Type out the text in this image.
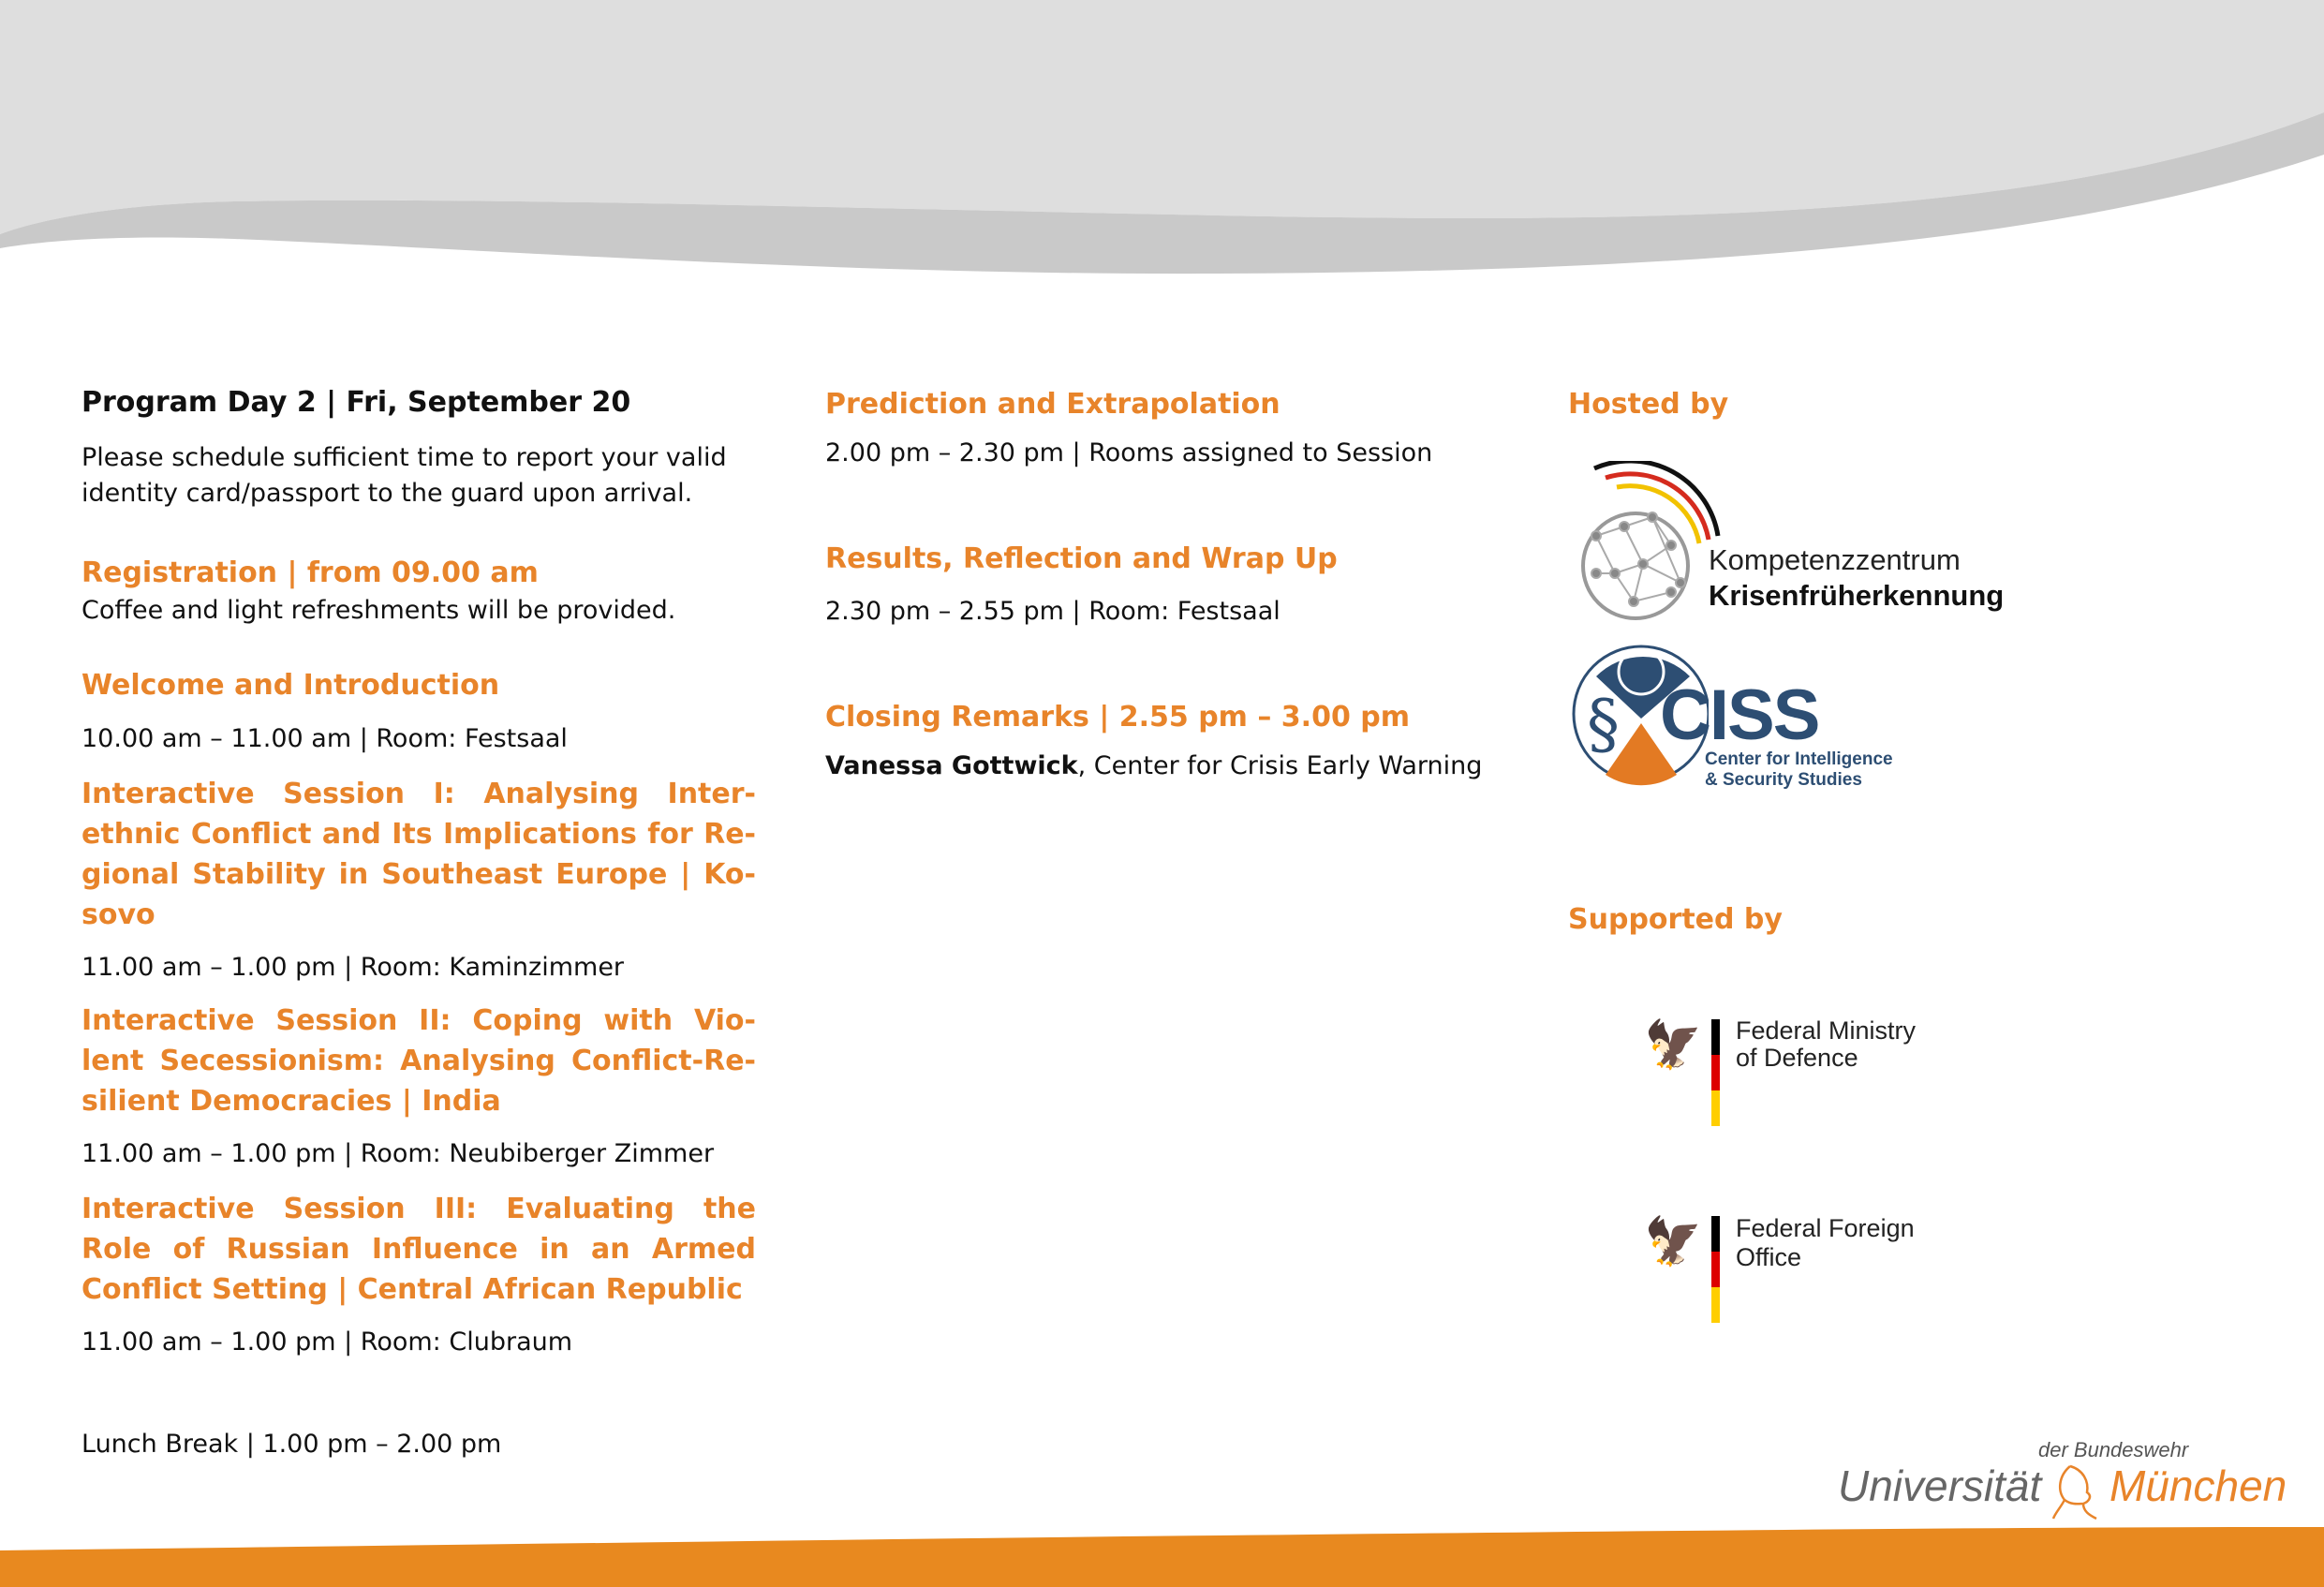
Program Day 2 | Fri, September 20
Please schedule sufficient time to report your valid
identity card/passport to the guard upon arrival.
Registration | from 09.00 am
Coffee and light refreshments will be provided.
Welcome and Introduction
10.00 am – 11.00 am | Room: Festsaal
Interactive Session I: Analysing Inter-
ethnic Conflict and Its Implications for Re-
gional Stability in Southeast Europe | Ko-
sovo
11.00 am – 1.00 pm | Room: Kaminzimmer
Interactive Session II: Coping with Vio-
lent Secessionism: Analysing Conflict-Re-
silient Democracies | India
11.00 am – 1.00 pm | Room: Neubiberger Zimmer
Interactive Session III: Evaluating the
Role of Russian Influence in an Armed
Conflict Setting | Central African Republic
11.00 am – 1.00 pm | Room: Clubraum
Lunch Break | 1.00 pm – 2.00 pm
Prediction and Extrapolation
2.00 pm – 2.30 pm | Rooms assigned to Session
Results, Reflection and Wrap Up
2.30 pm – 2.55 pm | Room: Festsaal
Closing Remarks | 2.55 pm – 3.00 pm
Vanessa Gottwick, Center for Crisis Early Warning
Hosted by
Kompetenzzentrum
Krisenfrüherkennung
§ CISS
Center for Intelligence
& Security Studies
Supported by
🦅 Federal Ministry
of Defence
🦅 Federal Foreign Office
der Bundeswehr
Universität München
